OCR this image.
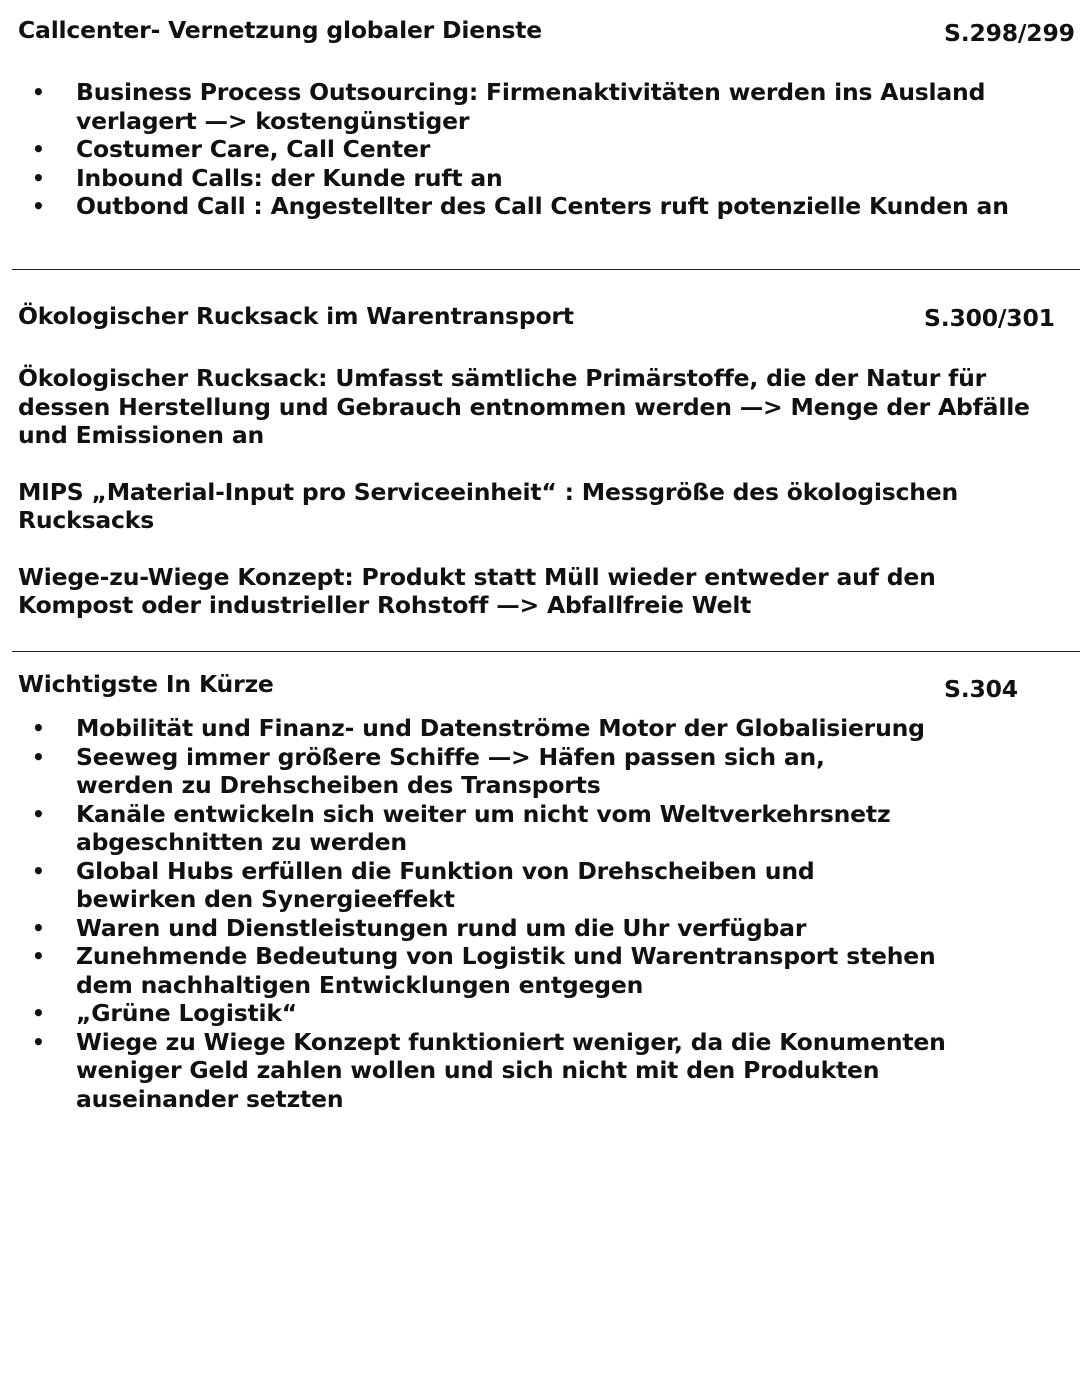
Callcenter- Vernetzung globaler Dienste	S.298/299
• Business Process Outsourcing: Firmenaktivitäten werden ins Ausland verlagert —> kostengünstiger
• Costumer Care, Call Center
• Inbound Calls: der Kunde ruft an
• Outbond Call : Angestellter des Call Centers ruft potenzielle Kunden an
Ökologischer Rucksack im Warentransport	S.300/301

Ökologischer Rucksack: Umfasst sämtliche Primärstoffe, die der Natur für dessen Herstellung und Gebrauch entnommen werden —> Menge der Abfälle und Emissionen an

MIPS „Material-Input pro Serviceeinheit“ : Messgröße des ökologischen Rucksacks

Wiege-zu-Wiege Konzept: Produkt statt Müll wieder entweder auf den Kompost oder industrieller Rohstoff —> Abfallfreie Welt

Wichtigste In Kürze	S.304
• Mobilität und Finanz- und Datenströme Motor der Globalisierung
• Seeweg immer größere Schiffe —> Häfen passen sich an, werden zu Drehscheiben des Transports
• Kanäle entwickeln sich weiter um nicht vom Weltverkehrsnetz abgeschnitten zu werden
• Global Hubs erfüllen die Funktion von Drehscheiben und bewirken den Synergieeffekt
• Waren und Dienstleistungen rund um die Uhr verfügbar
• Zunehmende Bedeutung von Logistik und Warentransport stehen dem nachhaltigen Entwicklungen entgegen
• „Grüne Logistik“
• Wiege zu Wiege Konzept funktioniert weniger, da die Konumenten weniger Geld zahlen wollen und sich nicht mit den Produkten auseinander setzten
